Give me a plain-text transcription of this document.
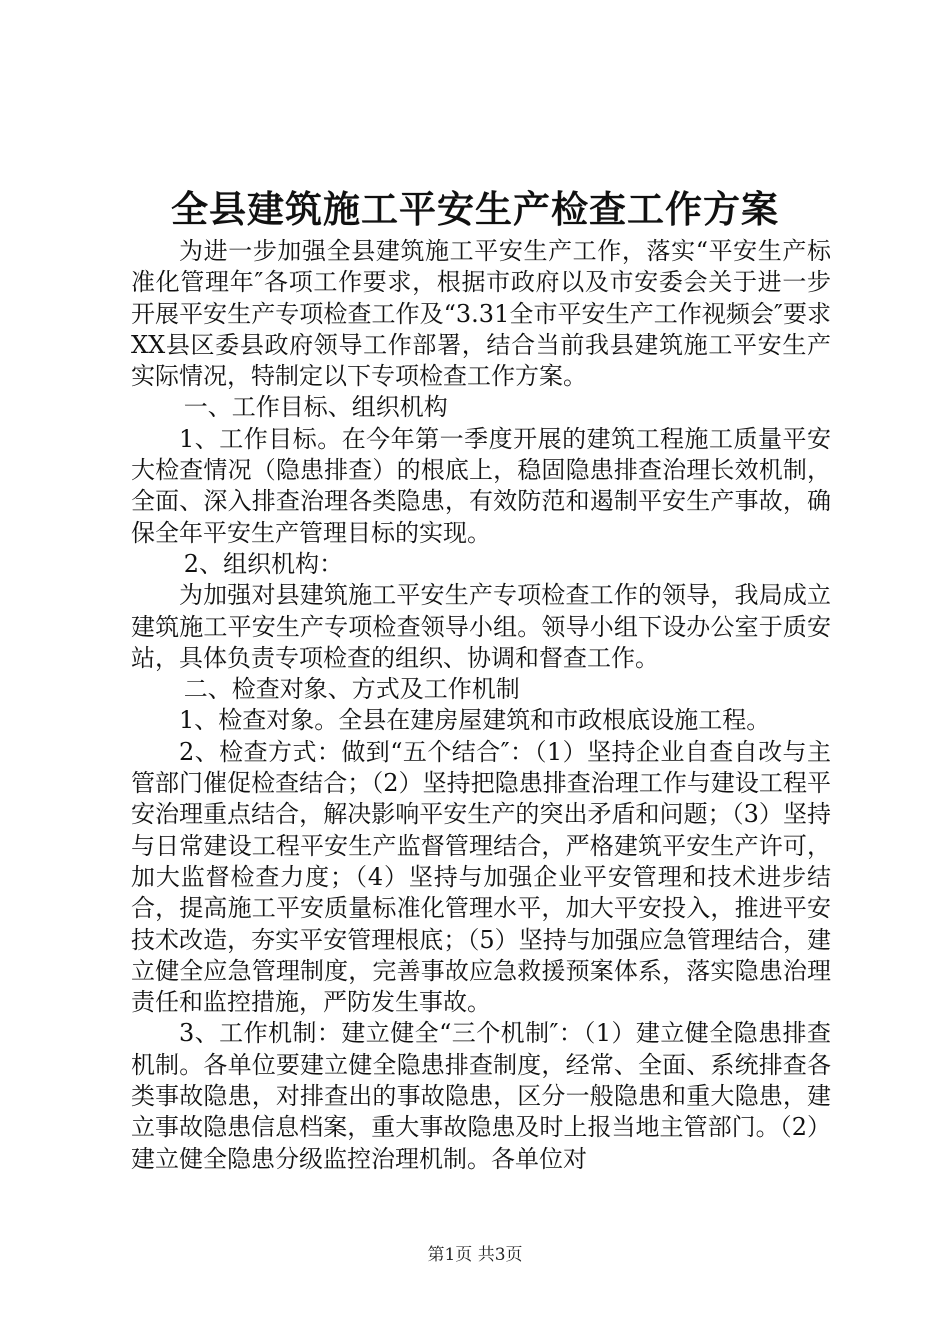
全县建筑施工平安生产检查工作方案

为进一步加强全县建筑施工平安生产工作，落实“平安生产标准化管理年″各项工作要求，根据市政府以及市安委会关于进一步开展平安生产专项检查工作及“3.31全市平安生产工作视频会″要求XX县区委县政府领导工作部署，结合当前我县建筑施工平安生产实际情况，特制定以下专项检查工作方案。

一、工作目标、组织机构

1、工作目标。在今年第一季度开展的建筑工程施工质量平安大检查情况（隐患排查）的根底上，稳固隐患排查治理长效机制，全面、深入排查治理各类隐患，有效防范和遏制平安生产事故，确保全年平安生产管理目标的实现。

2、组织机构：

为加强对县建筑施工平安生产专项检查工作的领导，我局成立建筑施工平安生产专项检查领导小组。领导小组下设办公室于质安站，具体负责专项检查的组织、协调和督查工作。

二、检查对象、方式及工作机制

1、检查对象。全县在建房屋建筑和市政根底设施工程。

2、检查方式：做到“五个结合″：（1）坚持企业自查自改与主管部门催促检查结合；（2）坚持把隐患排查治理工作与建设工程平安治理重点结合，解决影响平安生产的突出矛盾和问题；（3）坚持与日常建设工程平安生产监督管理结合，严格建筑平安生产许可，加大监督检查力度；（4）坚持与加强企业平安管理和技术进步结合，提高施工平安质量标准化管理水平，加大平安投入，推进平安技术改造，夯实平安管理根底；（5）坚持与加强应急管理结合，建立健全应急管理制度，完善事故应急救援预案体系，落实隐患治理责任和监控措施，严防发生事故。

3、工作机制：建立健全“三个机制″：（1）建立健全隐患排查机制。各单位要建立健全隐患排查制度，经常、全面、系统排查各类事故隐患，对排查出的事故隐患，区分一般隐患和重大隐患，建立事故隐患信息档案，重大事故隐患及时上报当地主管部门。（2）建立健全隐患分级监控治理机制。各单位对

第1页 共3页
